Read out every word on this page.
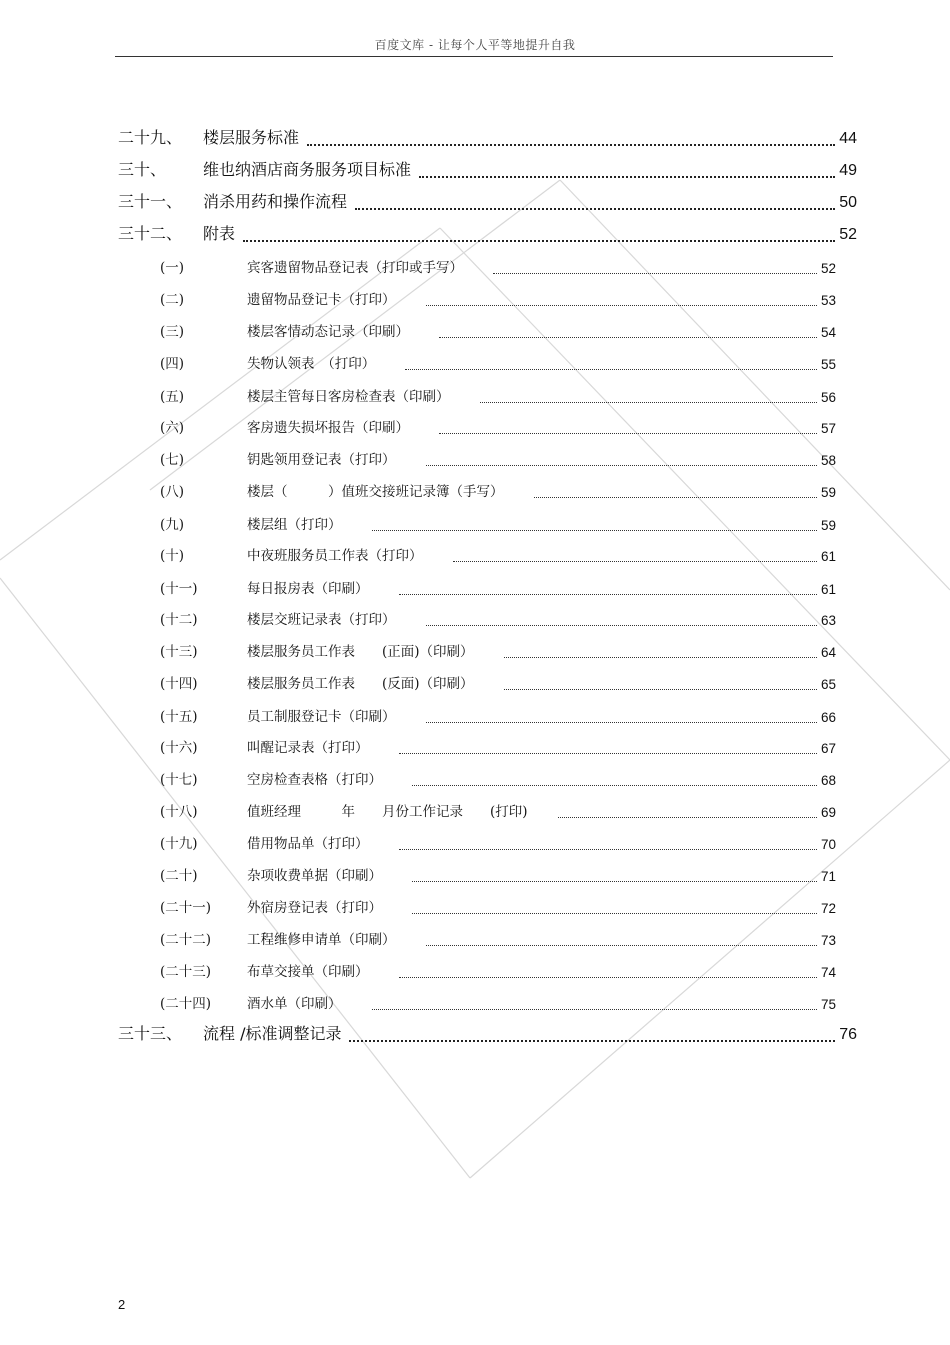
百度文库 - 让每个人平等地提升自我
二十九、 楼层服务标准	44
三十、 维也纳酒店商务服务项目标准	49
三十一、 消杀用药和操作流程	50
三十二、 附表	52
(一)	宾客遗留物品登记表（打印或手写）	52
(二)	遗留物品登记卡（打印）	53
(三)	楼层客情动态记录（印刷）	54
(四)	失物认领表　（打印）	55
(五)	楼层主管每日客房检查表（印刷）	56
(六)	客房遗失损坏报告（印刷）	57
(七)	钥匙领用登记表（打印）	58
(八)	楼层（　　　）值班交接班记录簿（手写）	59
(九)	楼层组（打印）	59
(十)	中夜班服务员工作表（打印）	61
(十一)	每日报房表（印刷）	61
(十二)	楼层交班记录表（打印）	63
(十三)	楼层服务员工作表　　(正面)（印刷）	64
(十四)	楼层服务员工作表　　(反面)（印刷）	65
(十五)	员工制服登记卡（印刷）	66
(十六)	叫醒记录表（打印）	67
(十七)	空房检查表格（打印）	68
(十八)	值班经理　　　年　　月份工作记录　　(打印)	69
(十九)	借用物品单（打印）	70
(二十)	杂项收费单据（印刷）	71
(二十一)	外宿房登记表（打印）	72
(二十二)	工程维修申请单（印刷）	73
(二十三)	布草交接单（印刷）	74
(二十四)	酒水单（印刷）	75
三十三、 流程 /标准调整记录	76
2
